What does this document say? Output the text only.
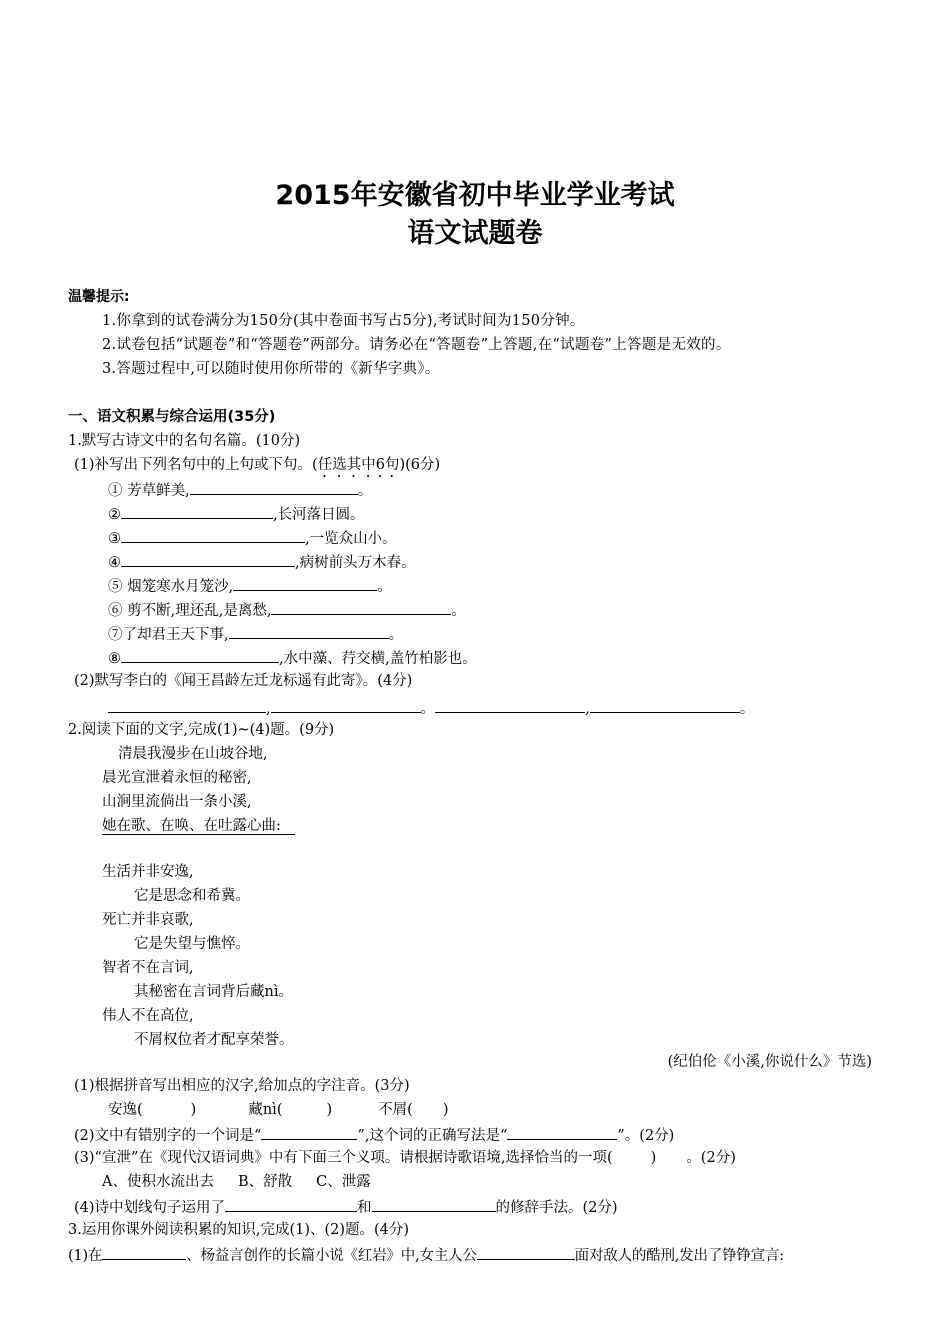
2015年安徽省初中毕业学业考试
语文试题卷
温馨提示:
1.你拿到的试卷满分为150分(其中卷面书写占5分),考试时间为150分钟。
2.试卷包括“试题卷”和“答题卷”两部分。请务必在“答题卷”上答题,在“试题卷”上答题是无效的。
3.答题过程中,可以随时使用你所带的《新华字典》。
一、语文积累与综合运用(35分)
1.默写古诗文中的名句名篇。(10分)
(1)补写出下列名句中的上句或下句。(任选其中6句)(6分)
① 芳草鲜美,	。
②	,长河落日圆。
③	,一览众山小。
④	,病树前头万木春。
⑤ 烟笼寒水月笼沙,	。
⑥ 剪不断,理还乱,是离愁,	。
⑦了却君王天下事,	。
⑧	,水中藻、荇交横,盖竹柏影也。
(2)默写李白的《闻王昌龄左迁龙标遥有此寄》。(4分)
,	。	,	。
2.阅读下面的文字,完成(1)~(4)题。(9分)
清晨我漫步在山坡谷地,
晨光宣泄着永恒的秘密,
山涧里流倘出一条小溪,
她在歌、在唤、在吐露心曲:
生活并非安逸,
它是思念和希冀。
死亡并非哀歌,
它是失望与憔悴。
智者不在言词,
其秘密在言词背后藏nì。
伟人不在高位,
不屑权位者才配享荣誉。
(纪伯伦《小溪,你说什么》节选)
(1)根据拼音写出相应的汉字,给加点的字注音。(3分)
安逸(	)	藏nì(	)	不屑( )
(2)文中有错别字的一个词是“	”,这个词的正确写法是“	”。(2分)
(3)“宣泄”在《现代汉语词典》中有下面三个义项。请根据诗歌语境,选择恰当的一项(	) 。(2分)
A、使积水流出去 B、舒散 C、泄露
(4)诗中划线句子运用了	和	的修辞手法。(2分)
3.运用你课外阅读积累的知识,完成(1)、(2)题。(4分)
(1)在	、杨益言创作的长篇小说《红岩》中,女主人公	面对敌人的酷刑,发出了铮铮宣言:
